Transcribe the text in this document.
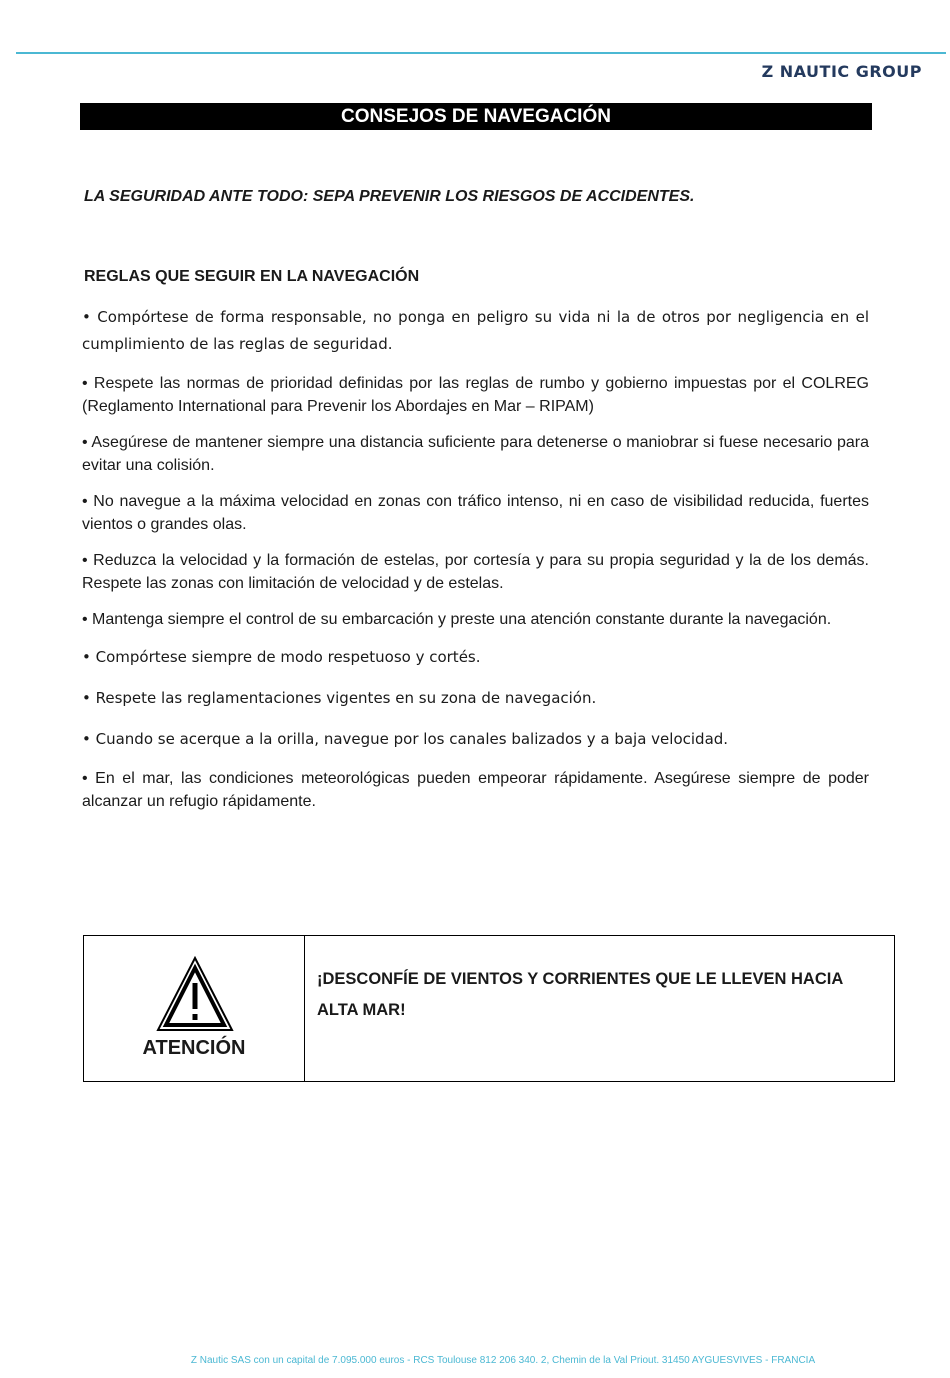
Z NAUTIC GROUP
CONSEJOS DE NAVEGACIÓN
LA SEGURIDAD ANTE TODO: SEPA PREVENIR LOS RIESGOS DE ACCIDENTES.
REGLAS QUE SEGUIR EN LA NAVEGACIÓN

• Compórtese de forma responsable, no ponga en peligro su vida ni la de otros por negligencia en el cumplimiento de las reglas de seguridad.

• Respete las normas de prioridad definidas por las reglas de rumbo y gobierno impuestas por el COLREG (Reglamento International para Prevenir los Abordajes en Mar – RIPAM)

• Asegúrese de mantener siempre una distancia suficiente para detenerse o maniobrar si fuese necesario para evitar una colisión.

• No navegue a la máxima velocidad en zonas con tráfico intenso, ni en caso de visibilidad reducida, fuertes vientos o grandes olas.

• Reduzca la velocidad y la formación de estelas, por cortesía y para su propia seguridad y la de los demás. Respete las zonas con limitación de velocidad y de estelas.

• Mantenga siempre el control de su embarcación y preste una atención constante durante la navegación.

• Compórtese siempre de modo respetuoso y cortés.

• Respete las reglamentaciones vigentes en su zona de navegación.

• Cuando se acerque a la orilla, navegue por los canales balizados y a baja velocidad.

• En el mar, las condiciones meteorológicas pueden empeorar rápidamente. Asegúrese siempre de poder alcanzar un refugio rápidamente.

ATENCIÓN
¡DESCONFÍE DE VIENTOS Y CORRIENTES QUE LE LLEVEN HACIA ALTA MAR!
Z Nautic SAS con un capital de 7.095.000 euros - RCS Toulouse 812 206 340. 2, Chemin de la Val Priout. 31450 AYGUESVIVES - FRANCIA
